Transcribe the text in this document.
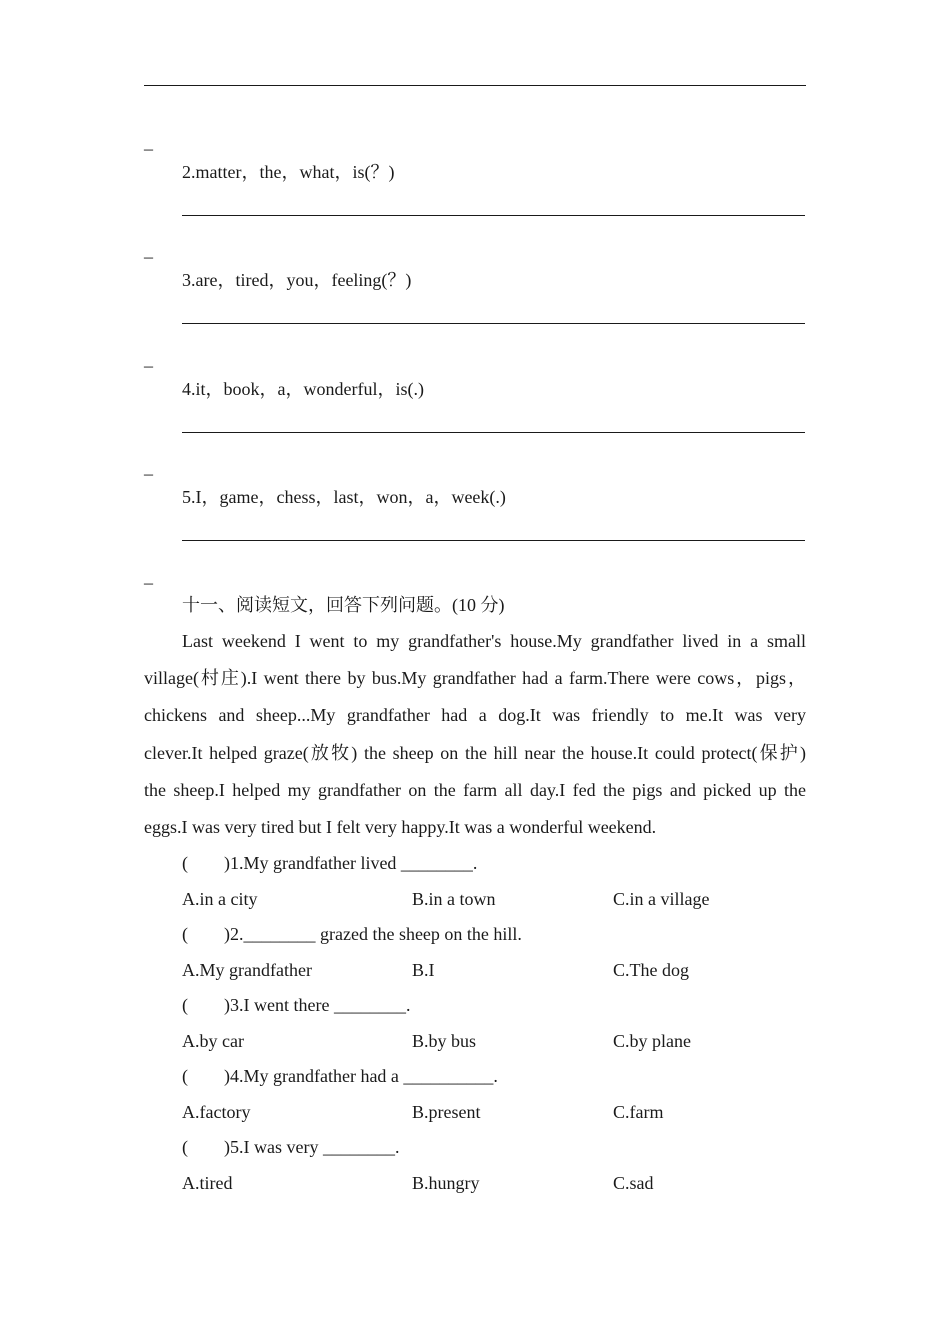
_
_
_
_
_
2.matter，the，what，is(？)
3.are，tired，you，feeling(？)
4.it，book，a，wonderful，is(.)
5.I，game，chess，last，won，a，week(.)
十一、阅读短文，回答下列问题。(10 分)
Last weekend I went to my grandfather's house.My grandfather lived in a small
village(村庄).I went there by bus.My grandfather had a farm.There were cows，pigs，
chickens and sheep...My grandfather had a dog.It was friendly to me.It was very
clever.It helped graze(放牧) the sheep on the hill near the house.It could protect(保护)
the sheep.I helped my grandfather on the farm all day.I fed the pigs and picked up the
eggs.I was very tired but I felt very happy.It was a wonderful weekend.
(　　)1.My grandfather lived ________.
A.in a city	B.in a town	C.in a village
(　　)2.________ grazed the sheep on the hill.
A.My grandfather	B.I	C.The dog
(　　)3.I went there ________.
A.by car	B.by bus	C.by plane
(　　)4.My grandfather had a __________.
A.factory	B.present	C.farm
(　　)5.I was very ________.
A.tired	B.hungry	C.sad
